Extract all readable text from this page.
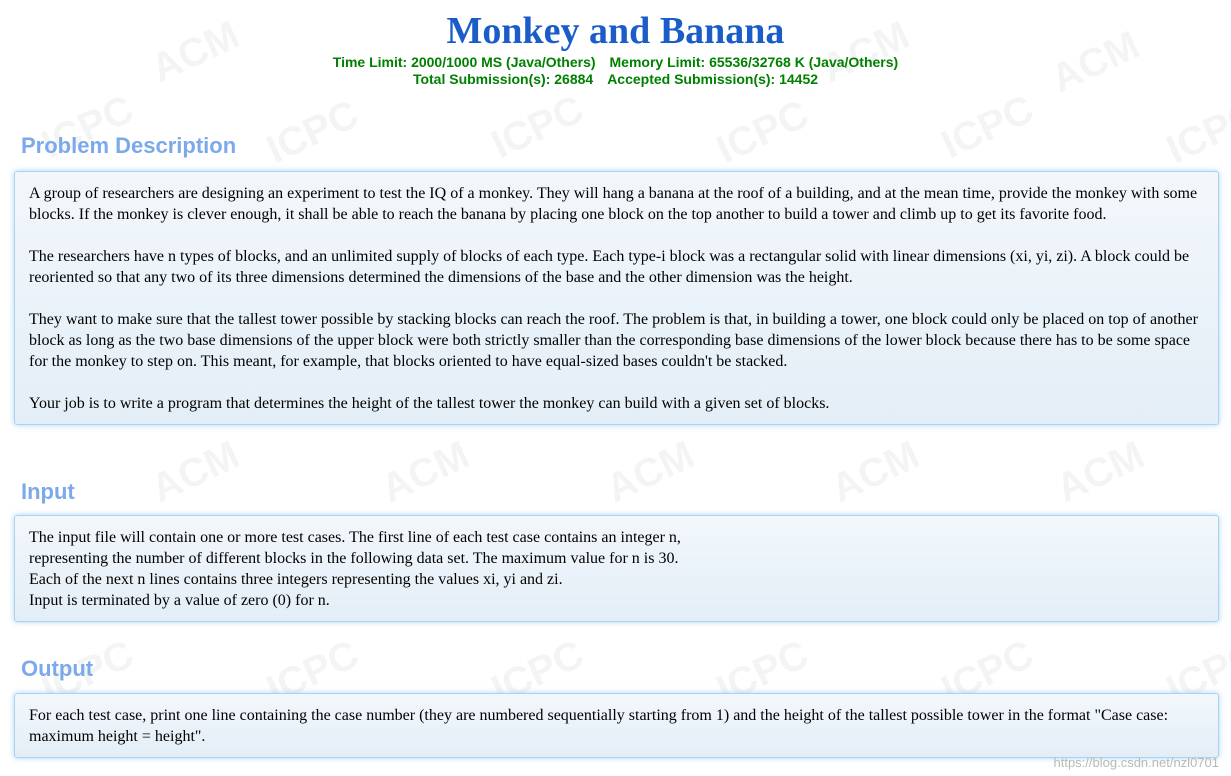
Monkey and Banana
Time Limit: 2000/1000 MS (Java/Others) Memory Limit: 65536/32768 K (Java/Others)
Total Submission(s): 26884 Accepted Submission(s): 14452
Problem Description

A group of researchers are designing an experiment to test the IQ of a monkey. They will hang a banana at the roof of a building, and at the mean time, provide the monkey with some blocks. If the monkey is clever enough, it shall be able to reach the banana by placing one block on the top another to build a tower and climb up to get its favorite food.

The researchers have n types of blocks, and an unlimited supply of blocks of each type. Each type-i block was a rectangular solid with linear dimensions (xi, yi, zi). A block could be reoriented so that any two of its three dimensions determined the dimensions of the base and the other dimension was the height.

They want to make sure that the tallest tower possible by stacking blocks can reach the roof. The problem is that, in building a tower, one block could only be placed on top of another block as long as the two base dimensions of the upper block were both strictly smaller than the corresponding base dimensions of the lower block because there has to be some space for the monkey to step on. This meant, for example, that blocks oriented to have equal-sized bases couldn't be stacked.

Your job is to write a program that determines the height of the tallest tower the monkey can build with a given set of blocks.

Input
The input file will contain one or more test cases. The first line of each test case contains an integer n,
representing the number of different blocks in the following data set. The maximum value for n is 30.
Each of the next n lines contains three integers representing the values xi, yi and zi.
Input is terminated by a value of zero (0) for n.
Output

For each test case, print one line containing the case number (they are numbered sequentially starting from 1) and the height of the tallest possible tower in the format "Case case: maximum height = height".

https://blog.csdn.net/nzl0701
